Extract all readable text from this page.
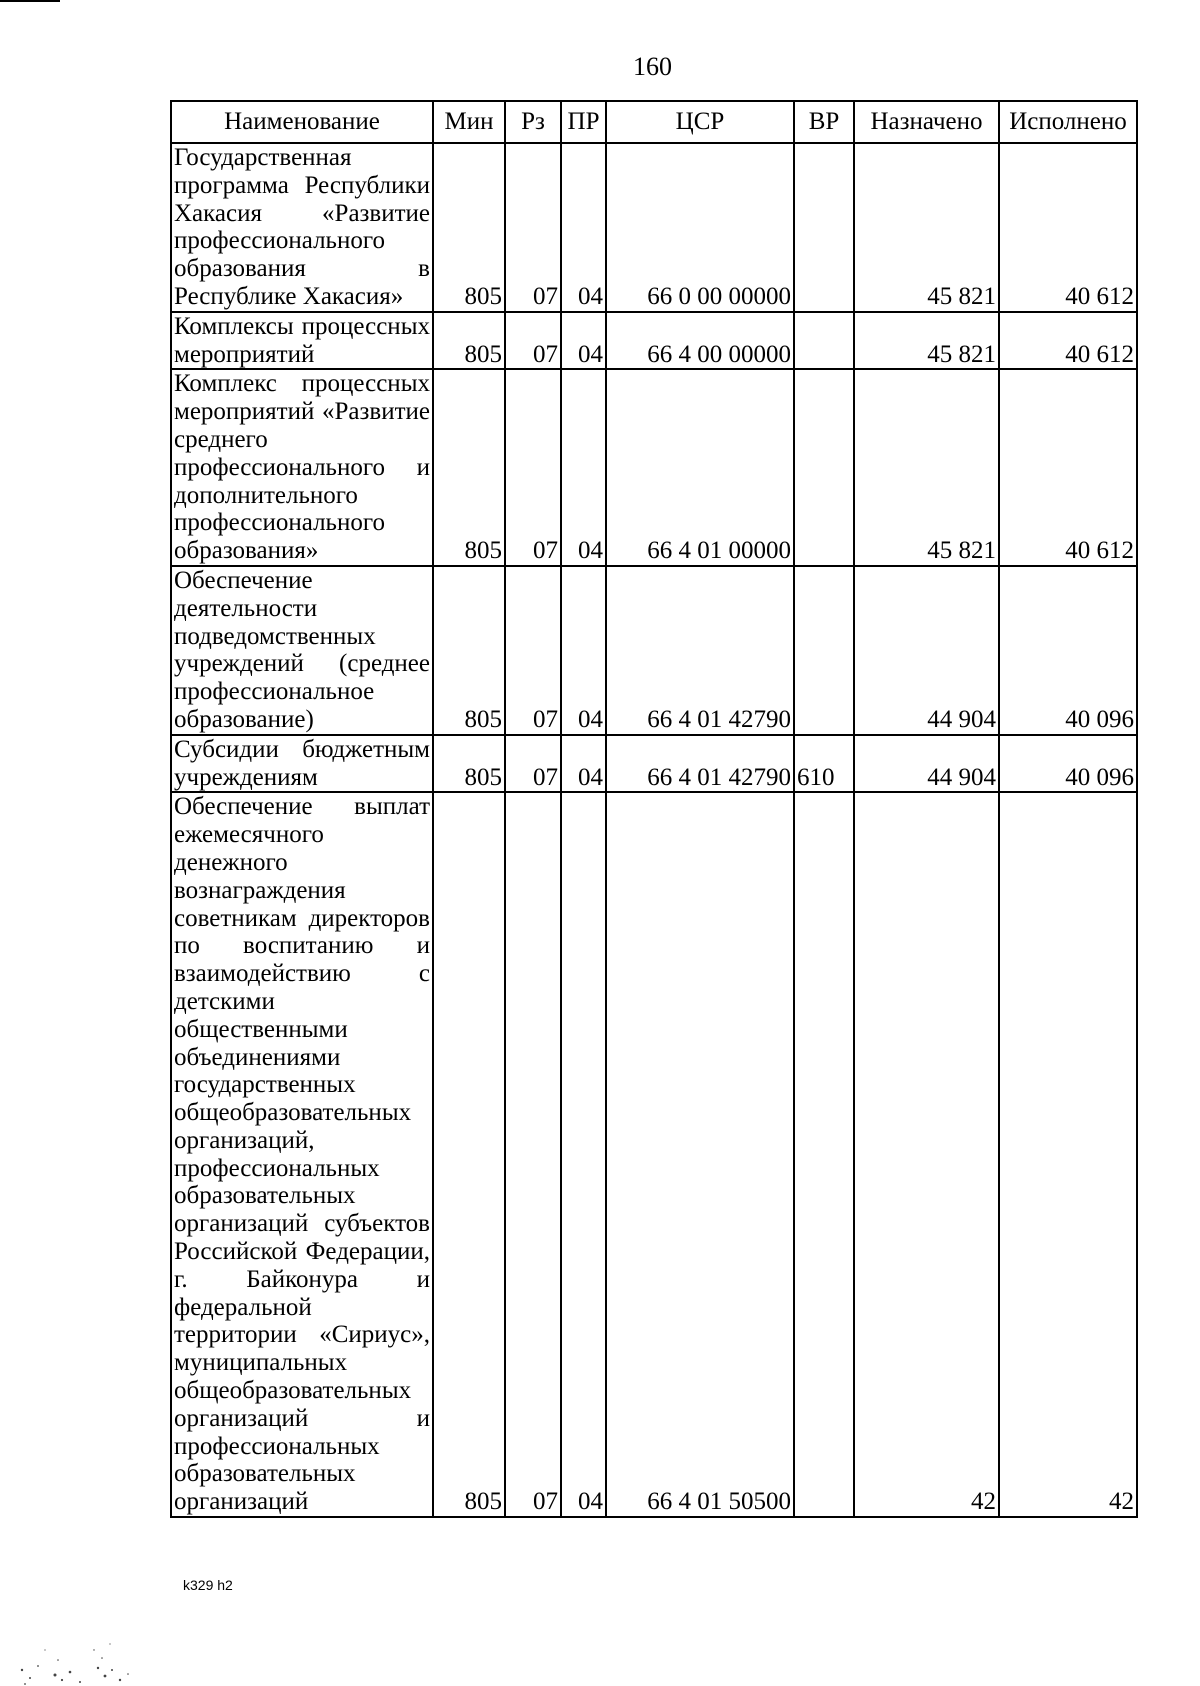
160
Наименование	Мин	Рз	ПР	ЦСР	ВР	Назначено	Исполнено
Государственная программа Республики Хакасия «Развитие профессионального образования в Республике Хакасия»	805	07	04	66 0 00 00000		45 821	40 612
Комплексы процессных мероприятий	805	07	04	66 4 00 00000		45 821	40 612
Комплекс процессных мероприятий «Развитие среднего профессионального и дополнительного профессионального образования»	805	07	04	66 4 01 00000		45 821	40 612
Обеспечение деятельности подведомственных учреждений (среднее профессиональное образование)	805	07	04	66 4 01 42790		44 904	40 096
Субсидии бюджетным учреждениям	805	07	04	66 4 01 42790	610	44 904	40 096
Обеспечение выплат ежемесячного денежного вознаграждения советникам директоров по воспитанию и взаимодействию с детскими общественными объединениями государственных общеобразовательных организаций, профессиональных образовательных организаций субъектов Российской Федерации, г. Байконура и федеральной территории «Сириус», муниципальных общеобразовательных организаций и профессиональных образовательных организаций	805	07	04	66 4 01 50500		42	42
k329 h2
